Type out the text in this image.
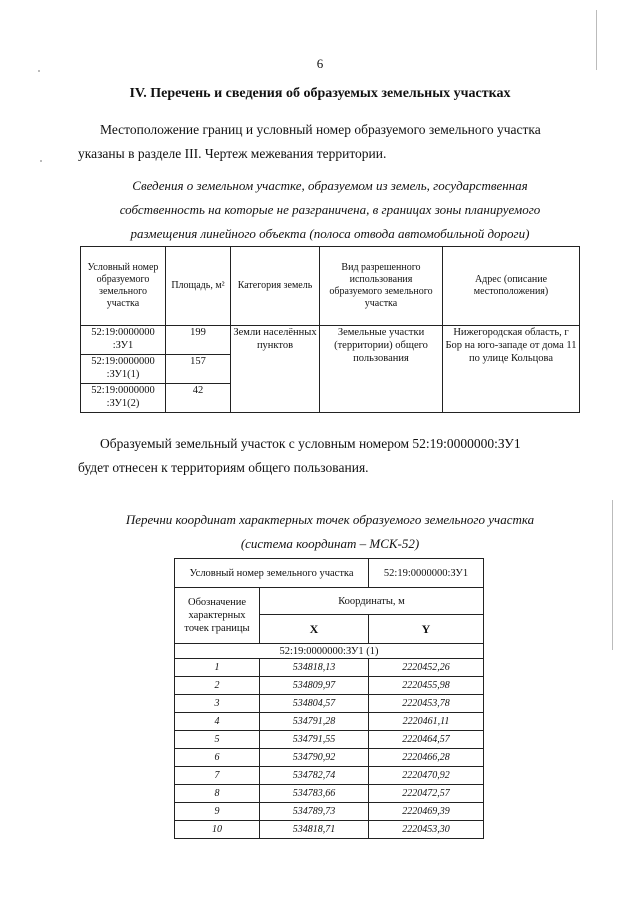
6
IV. Перечень и сведения об образуемых земельных участках
Местоположение границ и условный номер образуемого земельного участка
указаны в разделе III. Чертеж межевания территории.
Сведения о земельном участке, образуемом из земель, государственная
собственность на которые не разграничена, в границах зоны планируемого
размещения линейного объекта (полоса отвода автомобильной дороги)
Условный номер образуемого земельного участка	Площадь, м²	Категория земель	Вид разрешенного использования образуемого земельного участка	Адрес (описание местоположения)
52:19:0000000 :ЗУ1	199	Земли населённых пунктов	Земельные участки (территории) общего пользования	Нижегородская область, г Бор на юго-западе от дома 11 по улице Кольцова
52:19:0000000 :ЗУ1(1)	157			
52:19:0000000 :ЗУ1(2)	42			
Образуемый земельный участок с условным номером 52:19:0000000:ЗУ1
будет отнесен к территориям общего пользования.
Перечни координат характерных точек образуемого земельного участка
(система координат – МСК-52)
Условный номер земельного участка		52:19:0000000:ЗУ1
Обозначение характерных точек границы	Координаты, м	
	X	Y
52:19:0000000:ЗУ1 (1)		
1	534818,13	2220452,26
2	534809,97	2220455,98
3	534804,57	2220453,78
4	534791,28	2220461,11
5	534791,55	2220464,57
6	534790,92	2220466,28
7	534782,74	2220470,92
8	534783,66	2220472,57
9	534789,73	2220469,39
10	534818,71	2220453,30
